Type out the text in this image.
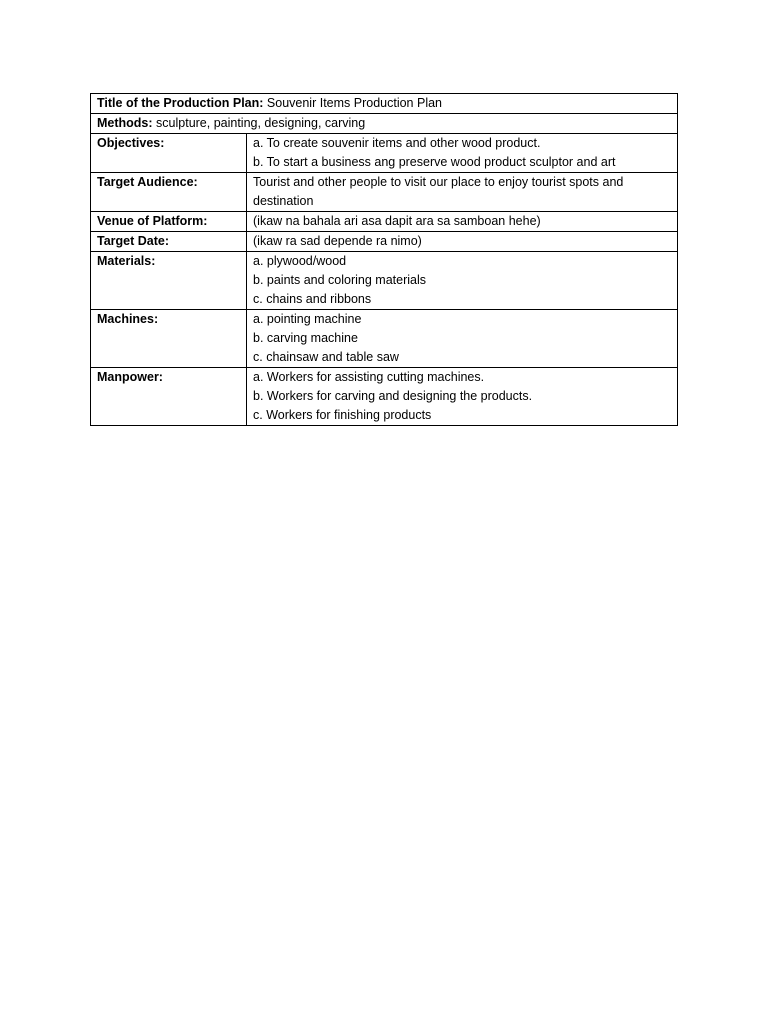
Title of the Production Plan: Souvenir Items Production Plan	
Methods: sculpture, painting, designing, carving	
Objectives:	a. To create souvenir items and other wood product.
b. To start a business ang preserve wood product sculptor and art

Target Audience:	Tourist and other people to visit our place to enjoy tourist spots and destination

Venue of Platform:	(ikaw na bahala ari asa dapit ara sa samboan hehe)
Target Date:	(ikaw ra sad depende ra nimo)
Materials:	a. plywood/wood
b. paints and coloring materials
c. chains and ribbons

Machines:	a. pointing machine
b. carving machine
c. chainsaw and table saw

Manpower:	a. Workers for assisting cutting machines.
b. Workers for carving and designing the products.
c. Workers for finishing products
